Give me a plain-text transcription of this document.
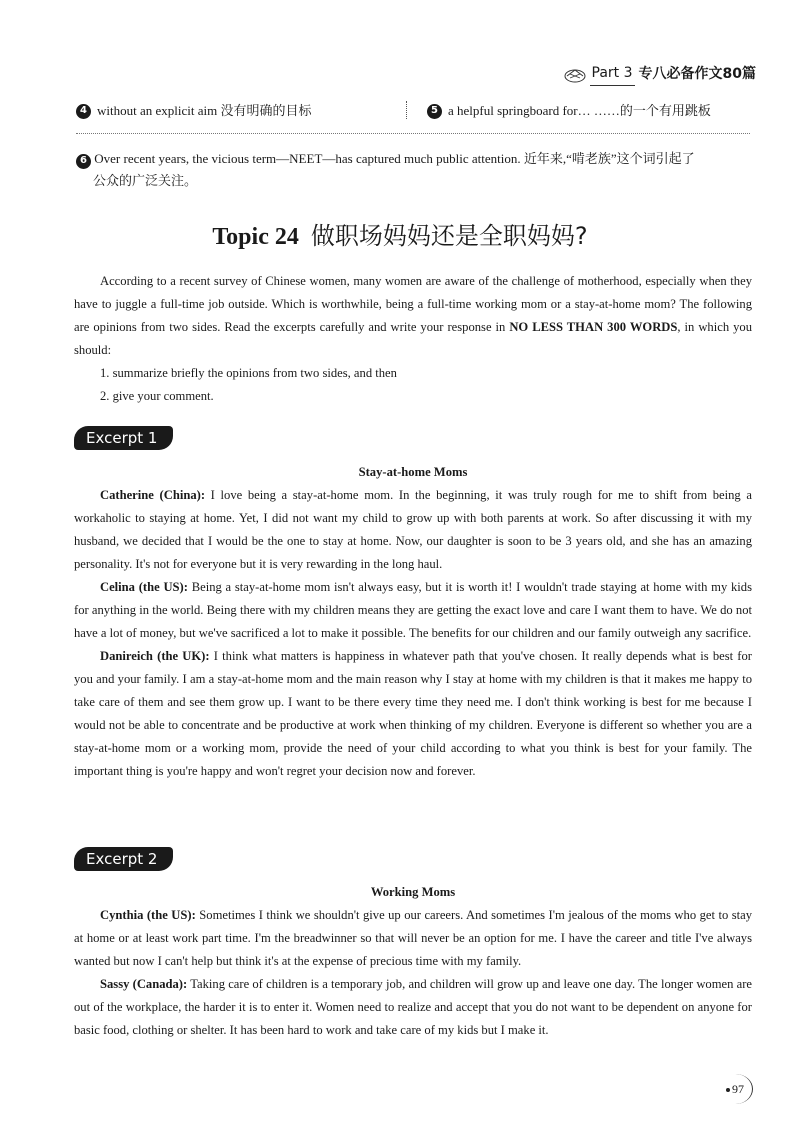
Part 3 专八必备作文80篇
4 without an explicit aim 没有明确的目标	5 a helpful springboard for… ……的一个有用跳板
6 Over recent years, the vicious term—NEET—has captured much public attention. 近年来,“啃老族”这个词引起了
公众的广泛关注。
Topic 24 做职场妈妈还是全职妈妈?

According to a recent survey of Chinese women, many women are aware of the challenge of motherhood, especially when they have to juggle a full-time job outside. Which is worthwhile, being a full-time working mom or a stay-at-home mom? The following are opinions from two sides. Read the excerpts carefully and write your response in NO LESS THAN 300 WORDS, in which you should:

1. summarize briefly the opinions from two sides, and then

2. give your comment.

Excerpt 1

Stay-at-home Moms

Catherine (China): I love being a stay-at-home mom. In the beginning, it was truly rough for me to shift from being a workaholic to staying at home. Yet, I did not want my child to grow up with both parents at work. So after discussing it with my husband, we decided that I would be the one to stay at home. Now, our daughter is soon to be 3 years old, and she has an amazing personality. It's not for everyone but it is very rewarding in the long haul.

Celina (the US): Being a stay-at-home mom isn't always easy, but it is worth it! I wouldn't trade staying at home with my kids for anything in the world. Being there with my children means they are getting the exact love and care I want them to have. We do not have a lot of money, but we've sacrificed a lot to make it possible. The benefits for our children and our family outweigh any sacrifice.

Danireich (the UK): I think what matters is happiness in whatever path that you've chosen. It really depends what is best for you and your family. I am a stay-at-home mom and the main reason why I stay at home with my children is that it makes me happy to take care of them and see them grow up. I want to be there every time they need me. I don't think working is best for me because I would not be able to concentrate and be productive at work when thinking of my children. Everyone is different so whether you are a stay-at-home mom or a working mom, provide the need of your child according to what you think is best for your family. The important thing is you're happy and won't regret your decision now and forever.

Excerpt 2

Working Moms

Cynthia (the US): Sometimes I think we shouldn't give up our careers. And sometimes I'm jealous of the moms who get to stay at home or at least work part time. I'm the breadwinner so that will never be an option for me. I have the career and title I've always wanted but now I can't help but think it's at the expense of precious time with my family.

Sassy (Canada): Taking care of children is a temporary job, and children will grow up and leave one day. The longer women are out of the workplace, the harder it is to enter it. Women need to realize and accept that you do not want to be dependent on anyone for basic food, clothing or shelter. It has been hard to work and take care of my kids but I make it.

97
